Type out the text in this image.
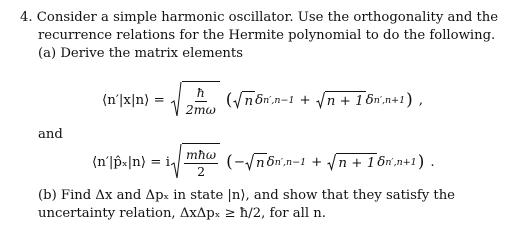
4. Consider a simple harmonic oscillator. Use the orthogonality and the
recurrence relations for the Hermite polynomial to do the following.
(a) Derive the matrix elements
⟨n′|x|n⟩ = $\frac{ħ}{2m\omega}$ ( n δ n′,n−1 + n + 1 δ n′,n+1 ) ,
and
⟨n′|p̂ₓ|n⟩ = i $\frac{\text{mħω}}{2}$ ( − n δ n′,n−1 + n + 1 δ n′,n+1 ) .
(b) Find Δx and Δpₓ in state |n⟩, and show that they satisfy the
uncertainty relation, ΔxΔpₓ ≥ ħ/2, for all n.
